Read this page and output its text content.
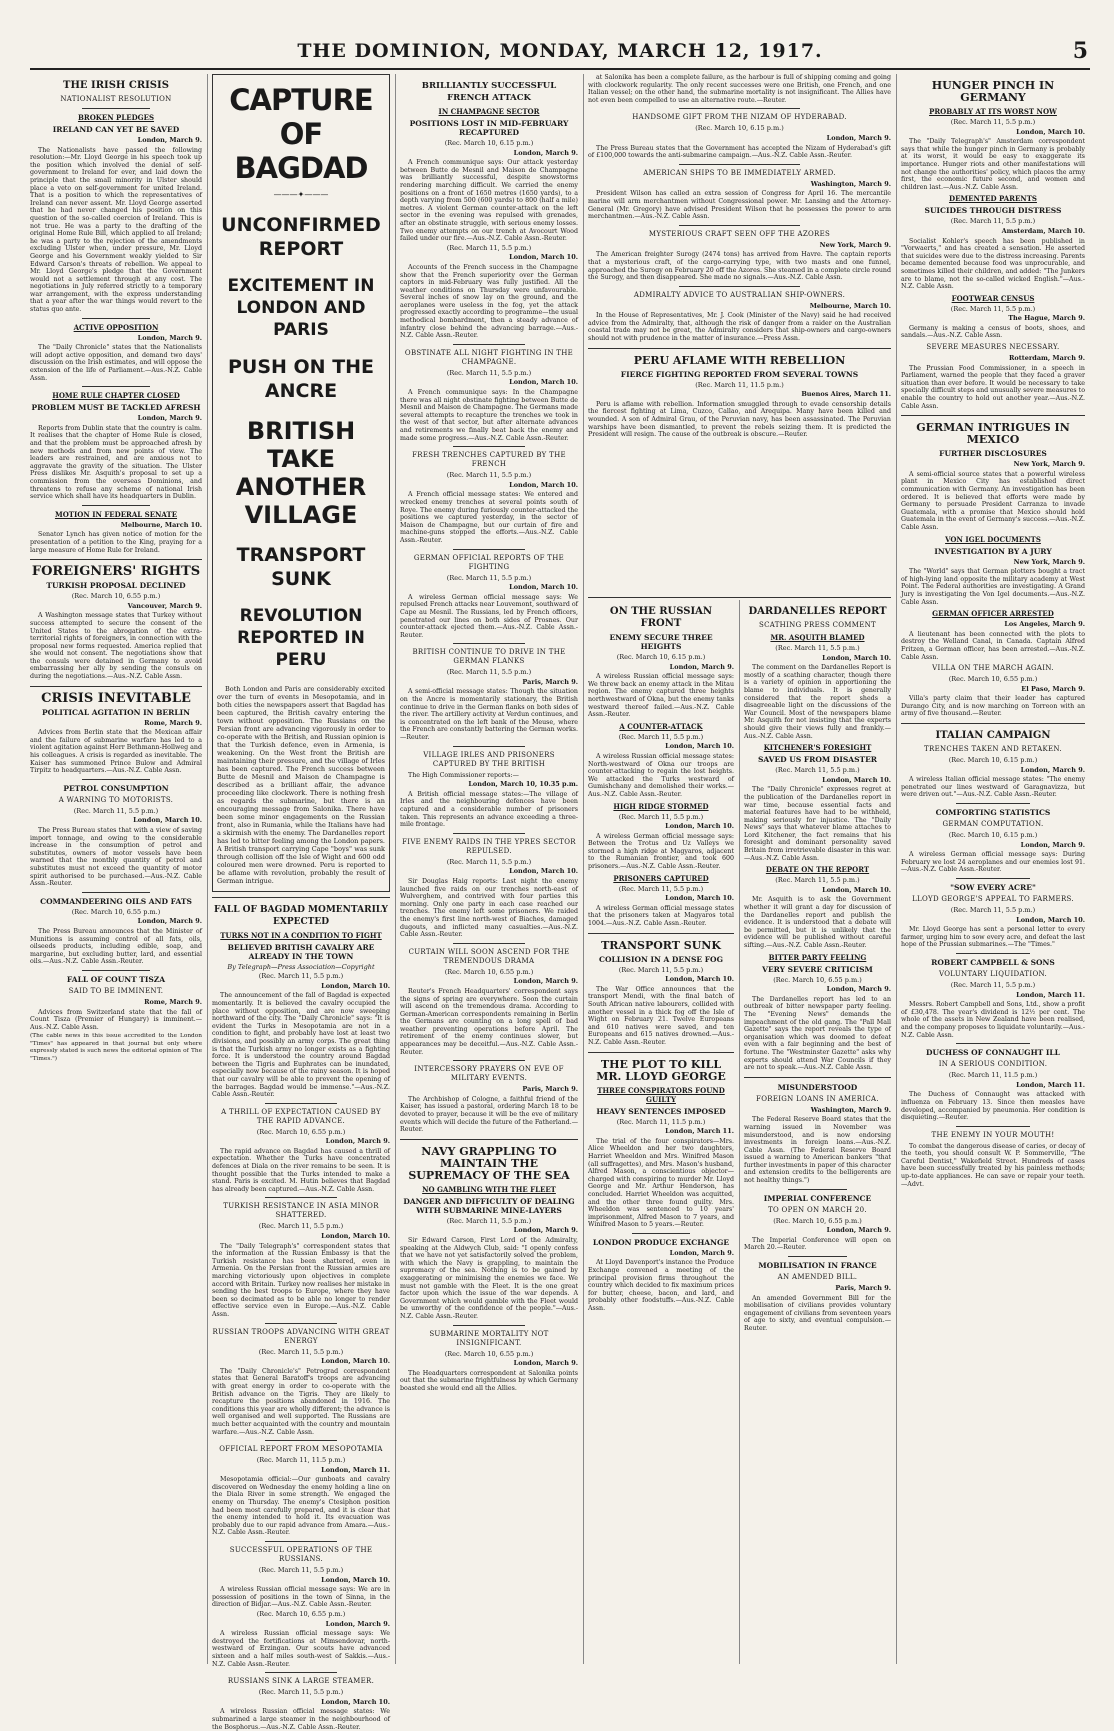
THE DOMINION, MONDAY, MARCH 12, 1917.	5
THE IRISH CRISIS
NATIONALIST RESOLUTION
BROKEN PLEDGES
IRELAND CAN YET BE SAVED
London, March 9.
The Nationalists have passed the following resolution:—Mr. Lloyd George in his speech took up the position which involved the denial of self-government to Ireland for ever, and laid down the principle that the small minority in Ulster should place a veto on self-government for united Ireland. That is a position to which the representatives of Ireland can never assent. Mr. Lloyd George asserted that he had never changed his position on this question of the so-called coercion of Ireland. This is not true. He was a party to the drafting of the original Home Rule Bill, which applied to all Ireland; he was a party to the rejection of the amendments excluding Ulster when, under pressure, Mr. Lloyd George and his Government weakly yielded to Sir Edward Carson's threats of rebellion. We appeal to Mr. Lloyd George's pledge that the Government would not a settlement through at any cost. The negotiations in July referred strictly to a temporary war arrangement, with the express understanding that a year after the war things would revert to the status quo ante.
ACTIVE OPPOSITION
London, March 9.
The "Daily Chronicle" states that the Nationalists will adopt active opposition, and demand two days' discussion on the Irish estimates, and will oppose the extension of the life of Parliament.—Aus.-N.Z. Cable Assn.
HOME RULE CHAPTER CLOSED
PROBLEM MUST BE TACKLED AFRESH
London, March 9.
Reports from Dublin state that the country is calm. It realises that the chapter of Home Rule is closed, and that the problem must be approached afresh by new methods and from new points of view. The leaders are restrained, and are anxious not to aggravate the gravity of the situation. The Ulster Press dislikes Mr. Asquith's proposal to set up a commission from the overseas Dominions, and threatens to refuse any scheme of national Irish service which shall have its headquarters in Dublin.
MOTION IN FEDERAL SENATE
Melbourne, March 10.
Senator Lynch has given notice of motion for the presentation of a petition to the King, praying for a large measure of Home Rule for Ireland.
FOREIGNERS' RIGHTS
TURKISH PROPOSAL DECLINED
(Rec. March 10, 6.55 p.m.)
Vancouver, March 9.
A Washington message states that Turkey without success attempted to secure the consent of the United States to the abrogation of the extra-territorial rights of foreigners, in connection with the proposal new forms requested. America replied that she would not consent. The negotiations show that the consuls were detained in Germany to avoid embarrassing her ally by sending the consuls on during the negotiations.—Aus.-N.Z. Cable Assn.
CRISIS INEVITABLE
POLITICAL AGITATION IN BERLIN
Rome, March 9.
Advices from Berlin state that the Mexican affair and the failure of submarine warfare has led to a violent agitation against Herr Bethmann-Hollweg and his colleagues. A crisis is regarded as inevitable. The Kaiser has summoned Prince Bulow and Admiral Tirpitz to headquarters.—Aus.-N.Z. Cable Assn.
PETROL CONSUMPTION
A WARNING TO MOTORISTS.
(Rec. March 11, 5.5 p.m.)
London, March 10.
The Press Bureau states that with a view of saving import tonnage, and owing to the considerable increase in the consumption of petrol and substitutes, owners of motor vessels have been warned that the monthly quantity of petrol and substitutes must not exceed the quantity of motor spirit authorised to be purchased.—Aus.-N.Z. Cable Assn.-Reuter.
COMMANDEERING OILS AND FATS
(Rec. March 10, 6.55 p.m.)
London, March 9.
The Press Bureau announces that the Minister of Munitions is assuming control of all fats, oils, oilseeds products, including edible, soap, and margarine, but excluding butter, lard, and essential oils.—Aus.-N.Z. Cable Assn.-Reuter.
FALL OF COUNT TISZA
SAID TO BE IMMINENT.
Rome, March 9.
Advices from Switzerland state that the fall of Count Tisza (Premier of Hungary) is imminent.—Aus.-N.Z. Cable Assn.
(The cable news in this issue accredited to the London "Times" has appeared in that journal but only where expressly stated is such news the editorial opinion of The "Times.")
CAPTURE OF BAGDAD
———✦———
UNCONFIRMED REPORT
EXCITEMENT IN LONDON AND PARIS
PUSH ON THE ANCRE
BRITISH TAKE ANOTHER VILLAGE
TRANSPORT SUNK
REVOLUTION REPORTED IN PERU
Both London and Paris are considerably excited over the turn of events in Mesopotamia, and in both cities the newspapers assert that Bagdad has been captured, the British cavalry entering the town without opposition. The Russians on the Persian front are advancing vigorously in order to co-operate with the British, and Russian opinion is that the Turkish defence, even in Armenia, is weakening. On the West front the British are maintaining their pressure, and the village of Irles has been captured. The French success between Butte de Mesnil and Maison de Champagne is described as a brilliant affair, the advance proceeding like clockwork. There is nothing fresh as regards the submarine, but there is an encouraging message from Salonika. There have been some minor engagements on the Russian front, also in Rumania, while the Italians have had a skirmish with the enemy. The Dardanelles report has led to bitter feeling among the London papers. A British transport carrying Cape "boys" was sunk through collision off the Isle of Wight and 600 odd coloured men were drowned. Peru is reported to be aflame with revolution, probably the result of German intrigue.
FALL OF BAGDAD MOMENTARILY EXPECTED
TURKS NOT IN A CONDITION TO FIGHT
BELIEVED BRITISH CAVALRY ARE ALREADY IN THE TOWN
By Telegraph—Press Association—Copyright
(Rec. March 11, 5.5 p.m.)
London, March 10.
The announcement of the fall of Bagdad is expected momentarily. It is believed the cavalry occupied the place without opposition, and are now sweeping northward of the city. The "Daily Chronicle" says: "It is evident the Turks in Mesopotamia are not in a condition to fight, and probably have lost at least two divisions, and possibly an army corps. The great thing is that the Turkish army no longer exists as a fighting force. It is understood the country around Bagdad between the Tigris and Euphrates can be inundated, especially now because of the rainy season. It is hoped that our cavalry will be able to prevent the opening of the barrages. Bagdad would be immense."—Aus.-N.Z. Cable Assn.-Reuter.
A THRILL OF EXPECTATION CAUSED BY THE RAPID ADVANCE.
(Rec. March 10, 6.55 p.m.)
London, March 9.
The rapid advance on Bagdad has caused a thrill of expectation. Whether the Turks have concentrated defences at Diala on the river remains to be seen. It is thought possible that the Turks intended to make a stand. Paris is excited. M. Hutin believes that Bagdad has already been captured.—Aus.-N.Z. Cable Assn.
TURKISH RESISTANCE IN ASIA MINOR SHATTERED.
(Rec. March 11, 5.5 p.m.)
London, March 10.
The "Daily Telegraph's" correspondent states that the information at the Russian Embassy is that the Turkish resistance has been shattered, even in Armenia. On the Persian front the Russian armies are marching victoriously upon objectives in complete accord with Britain. Turkey now realises her mistake in sending the best troops to Europe, where they have been so decimated as to be able no longer to render effective service even in Europe.—Aus.-N.Z. Cable Assn.
RUSSIAN TROOPS ADVANCING WITH GREAT ENERGY
(Rec. March 11, 5.5 p.m.)
London, March 10.
The "Daily Chronicle's" Petrograd correspondent states that General Baratoff's troops are advancing with great energy in order to co-operate with the British advance on the Tigris. They are likely to recapture the positions abandoned in 1916. The conditions this year are wholly different; the advance is well organised and well supported. The Russians are much better acquainted with the country and mountain warfare.—Aus.-N.Z. Cable Assn.
OFFICIAL REPORT FROM MESOPOTAMIA
(Rec. March 11, 11.5 p.m.)
London, March 11.
Mesopotamia official:—Our gunboats and cavalry discovered on Wednesday the enemy holding a line on the Diala River in some strength. We engaged the enemy on Thursday. The enemy's Ctesiphon position had been most carefully prepared, and it is clear that the enemy intended to hold it. Its evacuation was probably due to our rapid advance from Amara.—Aus.-N.Z. Cable Assn.-Reuter.
SUCCESSFUL OPERATIONS OF THE RUSSIANS.
(Rec. March 11, 5.5 p.m.)
London, March 10.
A wireless Russian official message says: We are in possession of positions in the town of Sinna, in the direction of Bidjar.—Aus.-N.Z. Cable Assn.-Reuter.
(Rec. March 10, 6.55 p.m.)
London, March 9.
A wireless Russian official message says: We destroyed the fortifications at Mimsendovar, north-westward of Erzingan. Our scouts have advanced sixteen and a half miles south-west of Sakkis.—Aus.-N.Z. Cable Assn.-Reuter.
RUSSIANS SINK A LARGE STEAMER.
(Rec. March 11, 5.5 p.m.)
London, March 10.
A wireless Russian official message states: We submarined a large steamer in the neighbourhood of the Bosphorus.—Aus.-N.Z. Cable Assn.-Reuter.
BRILLIANTLY SUCCESSFUL FRENCH ATTACK
IN CHAMPAGNE SECTOR
POSITIONS LOST IN MID-FEBRUARY RECAPTURED
(Rec. March 10, 6.15 p.m.)
London, March 9.
A French communique says: Our attack yesterday between Butte de Mesnil and Maison de Champagne was brilliantly successful, despite snowstorms rendering marching difficult. We carried the enemy positions on a front of 1650 metres (1650 yards), to a depth varying from 500 (600 yards) to 800 (half a mile) metres. A violent German counter-attack on the left sector in the evening was repulsed with grenades, after an obstinate struggle, with serious enemy losses. Two enemy attempts on our trench at Avocourt Wood failed under our fire.—Aus.-N.Z. Cable Assn.-Reuter.
(Rec. March 11, 5.5 p.m.)
London, March 10.
Accounts of the French success in the Champagne show that the French superiority over the German captors in mid-February was fully justified. All the weather conditions on Thursday were unfavourable. Several inches of snow lay on the ground, and the aeroplanes were useless in the fog, yet the attack progressed exactly according to programme—the usual methodical bombardment, then a steady advance of infantry close behind the advancing barrage.—Aus.-N.Z. Cable Assn.-Reuter.
OBSTINATE ALL NIGHT FIGHTING IN THE CHAMPAGNE.
(Rec. March 11, 5.5 p.m.)
London, March 10.
A French communique says: In the Champagne there was all night obstinate fighting between Butte de Mesnil and Maison de Champagne. The Germans made several attempts to recapture the trenches we took in the west of that sector, but after alternate advances and retirements we finally beat back the enemy and made some progress.—Aus.-N.Z. Cable Assn.-Reuter.
FRESH TRENCHES CAPTURED BY THE FRENCH
(Rec. March 11, 5.5 p.m.)
London, March 10.
A French official message states: We entered and wrecked enemy trenches at several points south of Roye. The enemy during furiously counter-attacked the positions we captured yesterday, in the sector of Maison de Champagne, but our curtain of fire and machine-guns stopped the efforts.—Aus.-N.Z. Cable Assn.-Reuter.
GERMAN OFFICIAL REPORTS OF THE FIGHTING
(Rec. March 11, 5.5 p.m.)
London, March 10.
A wireless German official message says: We repulsed French attacks near Louvemont, southward of Cape au Mesnil. The Russians, led by French officers, penetrated our lines on both sides of Prosnes. Our counter-attack ejected them.—Aus.-N.Z. Cable Assn.-Reuter.
BRITISH CONTINUE TO DRIVE IN THE GERMAN FLANKS
(Rec. March 11, 5.5 p.m.)
Paris, March 9.
A semi-official message states: Though the situation on the Ancre is momentarily stationary, the British continue to drive in the German flanks on both sides of the river. The artillery activity at Verdun continues, and is concentrated on the left bank of the Meuse, where the French are constantly battering the German works.—Reuter.
VILLAGE IRLES AND PRISONERS CAPTURED BY THE BRITISH
The High Commissioner reports:—
London, March 10, 10.35 p.m.
A British official message states:—The village of Irles and the neighbouring defences have been captured and a considerable number of prisoners taken. This represents an advance exceeding a three-mile frontage.
FIVE ENEMY RAIDS IN THE YPRES SECTOR REPULSED.
(Rec. March 11, 5.5 p.m.)
London, March 10.
Sir Douglas Haig reports: Last night the enemy launched five raids on our trenches north-east of Wulverghem, and contrived with four parties this morning. Only one party in each case reached our trenches. The enemy left some prisoners. We raided the enemy's first line north-west of Biaches, damaged dugouts, and inflicted many casualties.—Aus.-N.Z. Cable Assn.-Reuter.
CURTAIN WILL SOON ASCEND FOR THE TREMENDOUS DRAMA
(Rec. March 10, 6.55 p.m.)
London, March 9.
Reuter's French Headquarters' correspondent says the signs of spring are everywhere. Soon the curtain will ascend on the tremendous drama. According to German-American correspondents remaining in Berlin the Germans are counting on a long spell of bad weather preventing operations before April. The retirement of the enemy continues slower, but appearances may be deceitful.—Aus.-N.Z. Cable Assn.-Reuter.
INTERCESSORY PRAYERS ON EVE OF MILITARY EVENTS.
Paris, March 9.
The Archbishop of Cologne, a faithful friend of the Kaiser, has issued a pastoral, ordering March 18 to be devoted to prayer, because it will be the eve of military events which will decide the future of the Fatherland.—Reuter.
NAVY GRAPPLING TO MAINTAIN THE SUPREMACY OF THE SEA
NO GAMBLING WITH THE FLEET
DANGER AND DIFFICULTY OF DEALING WITH SUBMARINE MINE-LAYERS
(Rec. March 11, 5.5 p.m.)
London, March 9.
Sir Edward Carson, First Lord of the Admiralty, speaking at the Aldwych Club, said: "I openly confess that we have not yet satisfactorily solved the problem, with which the Navy is grappling, to maintain the supremacy of the sea. Nothing is to be gained by exaggerating or minimising the enemies we face. We must not gamble with the Fleet. It is the one great factor upon which the issue of the war depends. A Government which would gamble with the Fleet would be unworthy of the confidence of the people."—Aus.-N.Z. Cable Assn.-Reuter.
SUBMARINE MORTALITY NOT INSIGNIFICANT.
(Rec. March 10, 6.55 p.m.)
London, March 9.
The Headquarters correspondent at Salonika points out that the submarine frightfulness by which Germany boasted she would end all the Allies.
at Salonika has been a complete failure, as the harbour is full of shipping coming and going with clockwork regularity. The only recent successes were one British, one French, and one Italian vessel; on the other hand, the submarine mortality is not insignificant. The Allies have not even been compelled to use an alternative route.—Reuter.
HANDSOME GIFT FROM THE NIZAM OF HYDERABAD.
(Rec. March 10, 6.15 p.m.)
London, March 9.
The Press Bureau states that the Government has accepted the Nizam of Hyderabad's gift of £100,000 towards the anti-submarine campaign.—Aus.-N.Z. Cable Assn.-Reuter.
AMERICAN SHIPS TO BE IMMEDIATELY ARMED.
Washington, March 9.
President Wilson has called an extra session of Congress for April 16. The mercantile marine will arm merchantmen without Congressional power. Mr. Lansing and the Attorney-General (Mr. Gregory) have advised President Wilson that he possesses the power to arm merchantmen.—Aus.-N.Z. Cable Assn.
MYSTERIOUS CRAFT SEEN OFF THE AZORES
New York, March 9.
The American freighter Surogy (2474 tons) has arrived from Havre. The captain reports that a mysterious craft, of the cargo-carrying type, with two masts and one funnel, approached the Surogy on February 20 off the Azores. She steamed in a complete circle round the Surogy, and then disappeared. She made no signals.—Aus.-N.Z. Cable Assn.
ADMIRALTY ADVICE TO AUSTRALIAN SHIP-OWNERS.
Melbourne, March 10.
In the House of Representatives, Mr. J. Cook (Minister of the Navy) said he had received advice from the Admiralty, that, although the risk of danger from a raider on the Australian coastal trade may not be great, the Admiralty considers that ship-owners and cargo-owners should not with prudence in the matter of insurance.—Press Assn.
PERU AFLAME WITH REBELLION
FIERCE FIGHTING REPORTED FROM SEVERAL TOWNS
(Rec. March 11, 11.5 p.m.)
Buenos Aires, March 11.
Peru is aflame with rebellion. Information smuggled through to evade censorship details the fiercest fighting at Lima, Cuzco, Callao, and Arequipa. Many have been killed and wounded. A son of Admiral Grau, of the Peruvian navy, has been assassinated. The Peruvian warships have been dismantled, to prevent the rebels seizing them. It is predicted the President will resign. The cause of the outbreak is obscure.—Reuter.
ON THE RUSSIAN FRONT
ENEMY SECURE THREE HEIGHTS
(Rec. March 10, 6.15 p.m.)
London, March 9.
A wireless Russian official message says: We threw back an enemy attack in the Mitau region. The enemy captured three heights northwestward of Okna, but the enemy tanks westward thereof failed.—Aus.-N.Z. Cable Assn.-Reuter.
A COUNTER-ATTACK
(Rec. March 11, 5.5 p.m.)
London, March 10.
A wireless Russian official message states: North-westward of Okna our troops are counter-attacking to regain the lost heights. We attacked the Turks westward of Gumishchany and demolished their works.—Aus.-N.Z. Cable Assn.-Reuter.
HIGH RIDGE STORMED
(Rec. March 11, 5.5 p.m.)
London, March 10.
A wireless German official message says: Between the Trotus and Uz Valleys we stormed a high ridge at Magyaros, adjacent to the Rumanian frontier, and took 600 prisoners.—Aus.-N.Z. Cable Assn.-Reuter.
PRISONERS CAPTURED
(Rec. March 11, 5.5 p.m.)
London, March 10.
A wireless German official message states that the prisoners taken at Magyaros total 1004.—Aus.-N.Z. Cable Assn.-Reuter.
TRANSPORT SUNK
COLLISION IN A DENSE FOG
(Rec. March 11, 5.5 p.m.)
London, March 10.
The War Office announces that the transport Mendi, with the final batch of South African native labourers, collided with another vessel in a thick fog off the Isle of Wight on February 21. Twelve Europeans and 610 natives were saved, and ten Europeans and 615 natives drowned.—Aus.-N.Z. Cable Assn.-Reuter.
THE PLOT TO KILL MR. LLOYD GEORGE
THREE CONSPIRATORS FOUND GUILTY
HEAVY SENTENCES IMPOSED
(Rec. March 11, 11.5 p.m.)
London, March 11.
The trial of the four conspirators—Mrs. Alice Wheeldon and her two daughters, Harriet Wheeldon and Mrs. Winifred Mason (all suffragettes), and Mrs. Mason's husband, Alfred Mason, a conscientious objector—charged with conspiring to murder Mr. Lloyd George and Mr. Arthur Henderson, has concluded. Harriet Wheeldon was acquitted, and the other three found guilty. Mrs. Wheeldon was sentenced to 10 years' imprisonment, Alfred Mason to 7 years, and Winifred Mason to 5 years.—Reuter.
LONDON PRODUCE EXCHANGE
London, March 9.
At Lloyd Davenport's instance the Produce Exchange convened a meeting of the principal provision firms throughout the country which decided to fix maximum prices for butter, cheese, bacon, and lard, and probably other foodstuffs.—Aus.-N.Z. Cable Assn.
DARDANELLES REPORT
SCATHING PRESS COMMENT
MR. ASQUITH BLAMED
(Rec. March 11, 5.5 p.m.)
London, March 10.
The comment on the Dardanelles Report is mostly of a scathing character, though there is a variety of opinion in apportioning the blame to individuals. It is generally considered that the report sheds a disagreeable light on the discussions of the War Council. Most of the newspapers blame Mr. Asquith for not insisting that the experts should give their views fully and frankly.—Aus.-N.Z. Cable Assn.
KITCHENER'S FORESIGHT
SAVED US FROM DISASTER
(Rec. March 11, 5.5 p.m.)
London, March 10.
The "Daily Chronicle" expresses regret at the publication of the Dardanelles report in war time, because essential facts and material features have had to be withheld, making seriously for injustice. The "Daily News" says that whatever blame attaches to Lord Kitchener, the fact remains that his foresight and dominant personality saved Britain from irretrievable disaster in this war.—Aus.-N.Z. Cable Assn.
DEBATE ON THE REPORT
(Rec. March 11, 5.5 p.m.)
London, March 10.
Mr. Asquith is to ask the Government whether it will grant a day for discussion of the Dardanelles report and publish the evidence. It is understood that a debate will be permitted, but it is unlikely that the evidence will be published without careful sifting.—Aus.-N.Z. Cable Assn.-Reuter.
BITTER PARTY FEELING
VERY SEVERE CRITICISM
(Rec. March 10, 6.55 p.m.)
London, March 9.
The Dardanelles report has led to an outbreak of bitter newspaper party feeling. The "Evening News" demands the impeachment of the old gang. The "Pall Mall Gazette" says the report reveals the type of organisation which was doomed to defeat even with a fair beginning and the best of fortune. The "Westminster Gazette" asks why experts should attend War Councils if they are not to speak.—Aus.-N.Z. Cable Assn.
MISUNDERSTOOD
FOREIGN LOANS IN AMERICA.
Washington, March 9.
The Federal Reserve Board states that the warning issued in November was misunderstood, and is now endorsing investments in foreign loans.—Aus.-N.Z. Cable Assn. (The Federal Reserve Board issued a warning to American bankers "that further investments in paper of this character and extension credits to the belligerents are not healthy things.")
IMPERIAL CONFERENCE
TO OPEN ON MARCH 20.
(Rec. March 10, 6.55 p.m.)
London, March 9.
The Imperial Conference will open on March 20.—Reuter.
MOBILISATION IN FRANCE
AN AMENDED BILL.
Paris, March 9.
An amended Government Bill for the mobilisation of civilians provides voluntary engagement of civilians from seventeen years of age to sixty, and eventual compulsion.—Reuter.
HUNGER PINCH IN GERMANY
PROBABLY AT ITS WORST NOW
(Rec. March 11, 5.5 p.m.)
London, March 10.
The "Daily Telegraph's" Amsterdam correspondent says that while the hunger pinch in Germany is probably at its worst, it would be easy to exaggerate its importance. Hunger riots and other manifestations will not change the authorities' policy, which places the army first, the economic future second, and women and children last.—Aus.-N.Z. Cable Assn.
DEMENTED PARENTS
SUICIDES THROUGH DISTRESS
(Rec. March 11, 5.5 p.m.)
Amsterdam, March 10.
Socialist Kohler's speech has been published in "Vorwaerts," and has created a sensation. He asserted that suicides were due to the distress increasing. Parents became demented because food was unprocurable, and sometimes killed their children, and added: "The Junkers are to blame, not the so-called wicked English."—Aus.-N.Z. Cable Assn.
FOOTWEAR CENSUS
(Rec. March 11, 5.5 p.m.)
The Hague, March 9.
Germany is making a census of boots, shoes, and sandals.—Aus.-N.Z. Cable Assn.
SEVERE MEASURES NECESSARY.
Rotterdam, March 9.
The Prussian Food Commissioner, in a speech in Parliament, warned the people that they faced a graver situation than ever before. It would be necessary to take specially difficult steps and unusually severe measures to enable the country to hold out another year.—Aus.-N.Z. Cable Assn.
GERMAN INTRIGUES IN MEXICO
FURTHER DISCLOSURES
New York, March 9.
A semi-official source states that a powerful wireless plant in Mexico City has established direct communication with Germany. An investigation has been ordered. It is believed that efforts were made by Germany to persuade President Carranza to invade Guatemala, with a promise that Mexico should hold Guatemala in the event of Germany's success.—Aus.-N.Z. Cable Assn.
VON IGEL DOCUMENTS
INVESTIGATION BY A JURY
New York, March 9.
The "World" says that German plotters bought a tract of high-lying land opposite the military academy at West Point. The Federal authorities are investigating. A Grand Jury is investigating the Von Igel documents.—Aus.-N.Z. Cable Assn.
GERMAN OFFICER ARRESTED
Los Angeles, March 9.
A lieutenant has been connected with the plots to destroy the Welland Canal, in Canada. Captain Alfred Fritzen, a German officer, has been arrested.—Aus.-N.Z. Cable Assn.
VILLA ON THE MARCH AGAIN.
(Rec. March 10, 6.55 p.m.)
El Paso, March 9.
Villa's party claim that their leader has captured Durango City, and is now marching on Torreon with an army of five thousand.—Reuter.
ITALIAN CAMPAIGN
TRENCHES TAKEN AND RETAKEN.
(Rec. March 10, 6.15 p.m.)
London, March 9.
A wireless Italian official message states: "The enemy penetrated our lines westward of Garagnavizza, but were driven out."—Aus.-N.Z. Cable Assn.-Reuter.
COMFORTING STATISTICS
GERMAN COMPUTATION.
(Rec. March 10, 6.15 p.m.)
London, March 9.
A wireless German official message says: During February we lost 24 aeroplanes and our enemies lost 91.—Aus.-N.Z. Cable Assn.-Reuter.
"SOW EVERY ACRE"
LLOYD GEORGE'S APPEAL TO FARMERS.
(Rec. March 11, 5.5 p.m.)
London, March 10.
Mr. Lloyd George has sent a personal letter to every farmer, urging him to sow every acre, and defeat the last hope of the Prussian submarines.—The "Times."
ROBERT CAMPBELL & SONS
VOLUNTARY LIQUIDATION.
(Rec. March 11, 5.5 p.m.)
London, March 11.
Messrs. Robert Campbell and Sons, Ltd., show a profit of £30,478. The year's dividend is 12½ per cent. The whole of the assets in New Zealand have been realised, and the company proposes to liquidate voluntarily.—Aus.-N.Z. Cable Assn.
DUCHESS OF CONNAUGHT ILL
IN A SERIOUS CONDITION.
(Rec. March 11, 11.5 p.m.)
London, March 11.
The Duchess of Connaught was attacked with influenza on February 13. Since then measles have developed, accompanied by pneumonia. Her condition is disquieting.—Reuter.
THE ENEMY IN YOUR MOUTH!
To combat the dangerous disease of caries, or decay of the teeth, you should consult W. P. Sommerville, "The Careful Dentist," Wakefield Street. Hundreds of cases have been successfully treated by his painless methods; up-to-date appliances. He can save or repair your teeth.—Advt.
